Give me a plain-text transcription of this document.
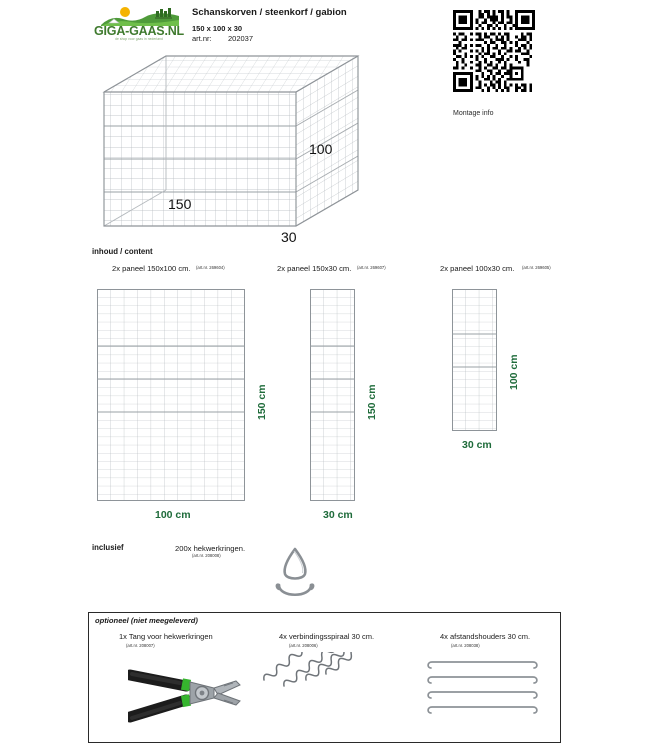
GIGA-GAAS.NL
de shop voor gaas in nederland
Schanskorven / steenkorf / gabion
150 x 100 x 30
art.nr: 202037
Montage info
100
150
30
inhoud / content
2x paneel 150x100 cm. (art.nr. 269604)	2x paneel 150x30 cm. (art.nr. 269607)	2x paneel 100x30 cm. (art.nr. 269605)
150 cm
100 cm
150 cm
30 cm
100 cm
30 cm
inclusief	200x hekwerkringen.
(art.nr. 208008)
optioneel (niet meegeleverd)
1x Tang voor hekwerkringen
(art.nr. 208007)
4x verbindingsspiraal 30 cm.
(art.nr. 208006)
4x afstandshouders 30 cm.
(art.nr. 208038)
